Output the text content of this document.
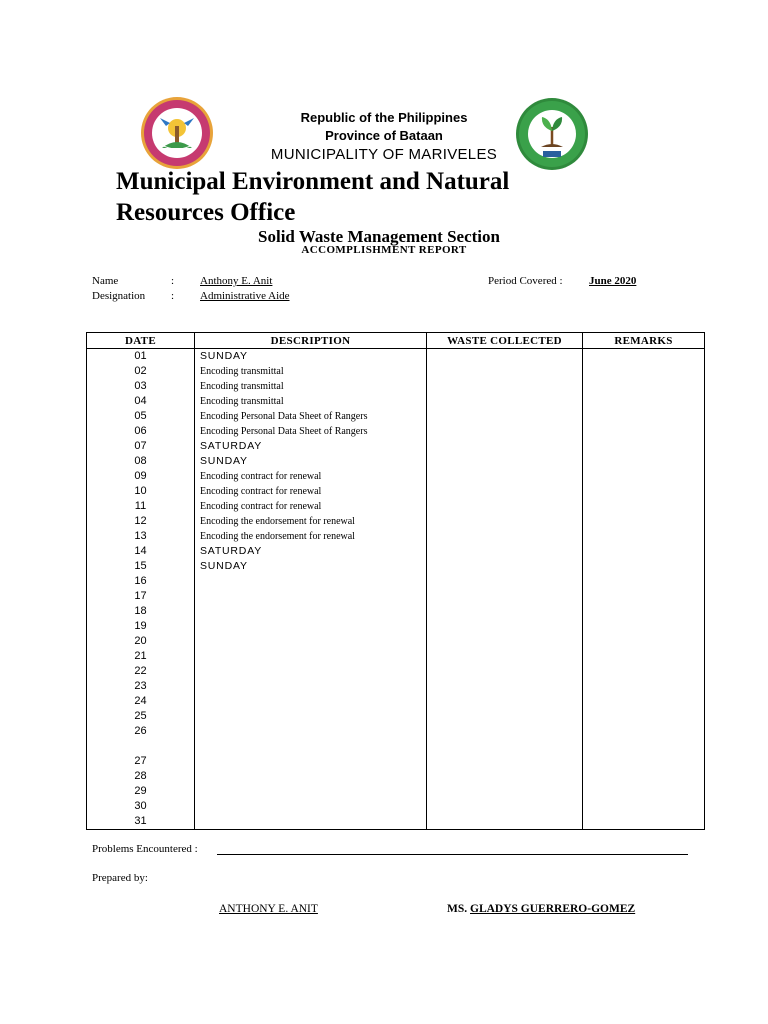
Republic of the Philippines
Province of Bataan
MUNICIPALITY OF MARIVELES
Municipal Environment and Natural
Resources Office
Solid Waste Management Section
ACCOMPLISHMENT REPORT
Name	: Anthony E. Anit
Designation : Administrative Aide
Period Covered : June 2020
DATE	DESCRIPTION	WASTE COLLECTED	REMARKS
01	SUNDAY		
02	Encoding transmittal		
03	Encoding transmittal		
04	Encoding transmittal		
05	Encoding Personal Data Sheet of Rangers		
06	Encoding Personal Data Sheet of Rangers		
07	SATURDAY		
08	SUNDAY		
09	Encoding contract for renewal		
10	Encoding contract for renewal		
11	Encoding contract for renewal		
12	Encoding the endorsement for renewal		
13	Encoding the endorsement for renewal		
14	SATURDAY		
15	SUNDAY		
16			
17			
18			
19			
20			
21			
22			
23			
24			
25			
26			

27			
28			
29			
30			
31			
Problems Encountered :
Prepared by:
ANTHONY E. ANIT	MS. GLADYS GUERRERO-GOMEZ
